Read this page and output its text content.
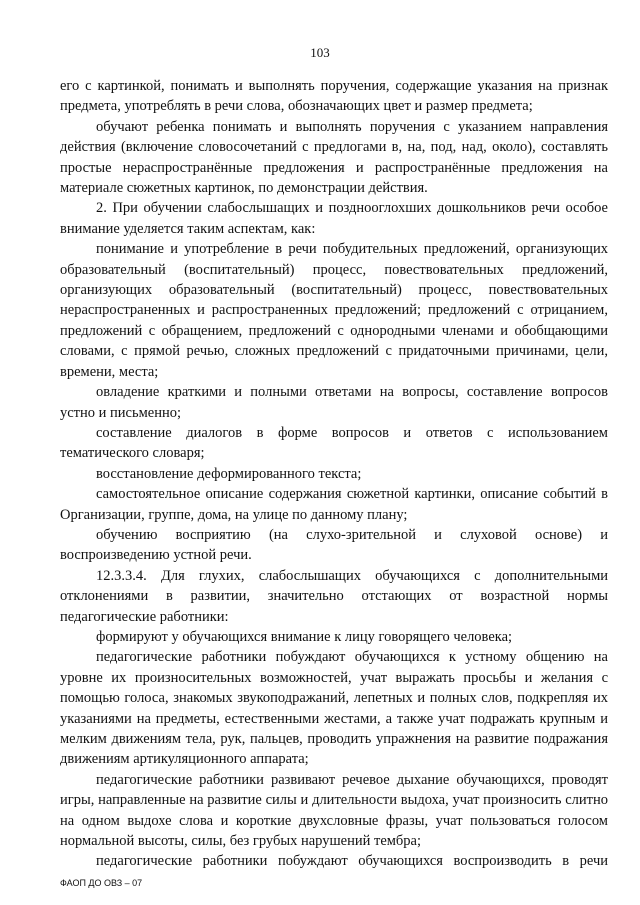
103

его с картинкой, понимать и выполнять поручения, содержащие указания на признак предмета, употреблять в речи слова, обозначающих цвет и размер предмета;

обучают ребенка понимать и выполнять поручения с указанием направления действия (включение словосочетаний с предлогами в, на, под, над, около), составлять простые нераспространённые предложения и распространённые предложения на материале сюжетных картинок, по демонстрации действия.

2. При обучении слабослышащих и позднооглохших дошкольников речи особое внимание уделяется таким аспектам, как:

понимание и употребление в речи побудительных предложений, организующих образовательный (воспитательный) процесс, повествовательных предложений, организующих образовательный (воспитательный) процесс, повествовательных нераспространенных и распространенных предложений; предложений с отрицанием, предложений с обращением, предложений с однородными членами и обобщающими словами, с прямой речью, сложных предложений с придаточными причинами, цели, времени, места;

овладение краткими и полными ответами на вопросы, составление вопросов устно и письменно;

составление диалогов в форме вопросов и ответов с использованием тематического словаря;

восстановление деформированного текста;

самостоятельное описание содержания сюжетной картинки, описание событий в Организации, группе, дома, на улице по данному плану;

обучению восприятию (на слухо-зрительной и слуховой основе) и воспроизведению устной речи.

12.3.3.4. Для глухих, слабослышащих обучающихся с дополнительными отклонениями в развитии, значительно отстающих от возрастной нормы педагогические работники:

формируют у обучающихся внимание к лицу говорящего человека;

педагогические работники побуждают обучающихся к устному общению на уровне их произносительных возможностей, учат выражать просьбы и желания с помощью голоса, знакомых звукоподражаний, лепетных и полных слов, подкрепляя их указаниями на предметы, естественными жестами, а также учат подражать крупным и мелким движениям тела, рук, пальцев, проводить упражнения на развитие подражания движениям артикуляционного аппарата;

педагогические работники развивают речевое дыхание обучающихся, проводят игры, направленные на развитие силы и длительности выдоха, учат произносить слитно на одном выдохе слова и короткие двухсловные фразы, учат пользоваться голосом нормальной высоты, силы, без грубых нарушений тембра;

педагогические работники побуждают обучающихся воспроизводить в речи

ФАОП ДО ОВЗ – 07
